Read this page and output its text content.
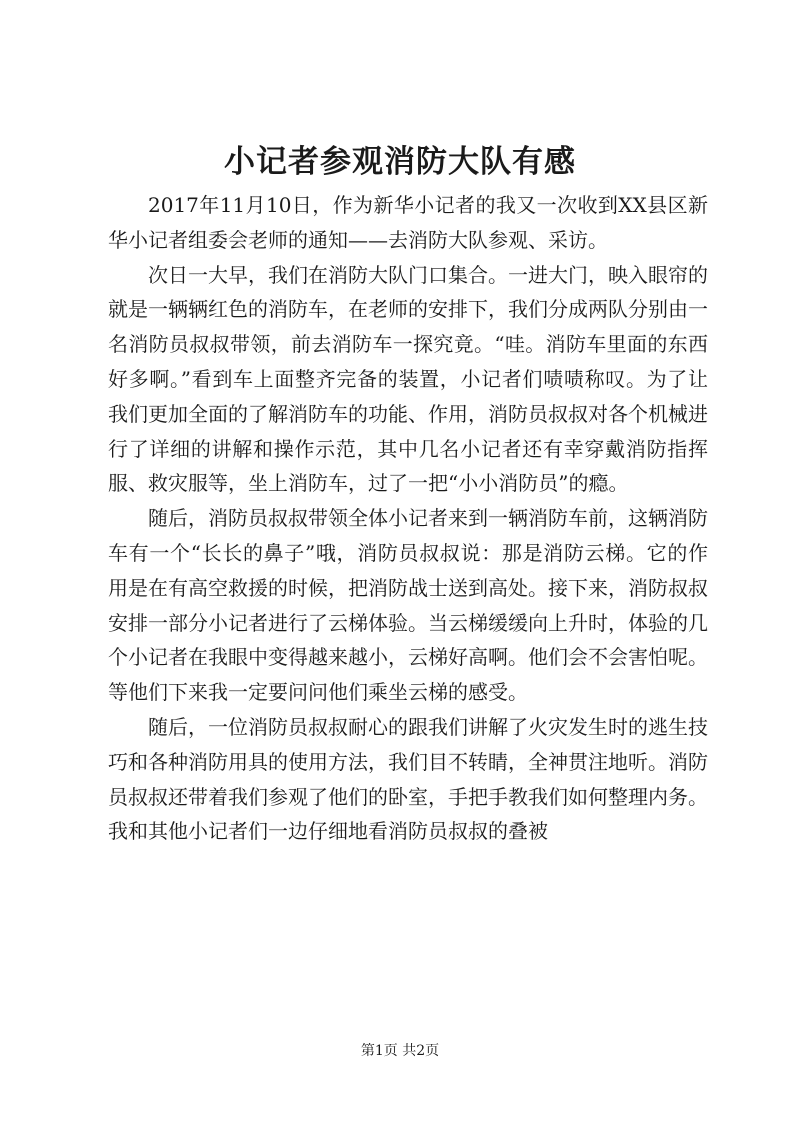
小记者参观消防大队有感

2017年11月10日，作为新华小记者的我又一次收到XX县区新华小记者组委会老师的通知——去消防大队参观、采访。

次日一大早，我们在消防大队门口集合。一进大门，映入眼帘的就是一辆辆红色的消防车，在老师的安排下，我们分成两队分别由一名消防员叔叔带领，前去消防车一探究竟。“哇。消防车里面的东西好多啊。”看到车上面整齐完备的装置，小记者们啧啧称叹。为了让我们更加全面的了解消防车的功能、作用，消防员叔叔对各个机械进行了详细的讲解和操作示范，其中几名小记者还有幸穿戴消防指挥服、救灾服等，坐上消防车，过了一把“小小消防员”的瘾。

随后，消防员叔叔带领全体小记者来到一辆消防车前，这辆消防车有一个“长长的鼻子”哦，消防员叔叔说：那是消防云梯。它的作用是在有高空救援的时候，把消防战士送到高处。接下来，消防叔叔安排一部分小记者进行了云梯体验。当云梯缓缓向上升时，体验的几个小记者在我眼中变得越来越小，云梯好高啊。他们会不会害怕呢。等他们下来我一定要问问他们乘坐云梯的感受。

随后，一位消防员叔叔耐心的跟我们讲解了火灾发生时的逃生技巧和各种消防用具的使用方法，我们目不转睛，全神贯注地听。消防员叔叔还带着我们参观了他们的卧室，手把手教我们如何整理内务。我和其他小记者们一边仔细地看消防员叔叔的叠被

第1页 共2页
